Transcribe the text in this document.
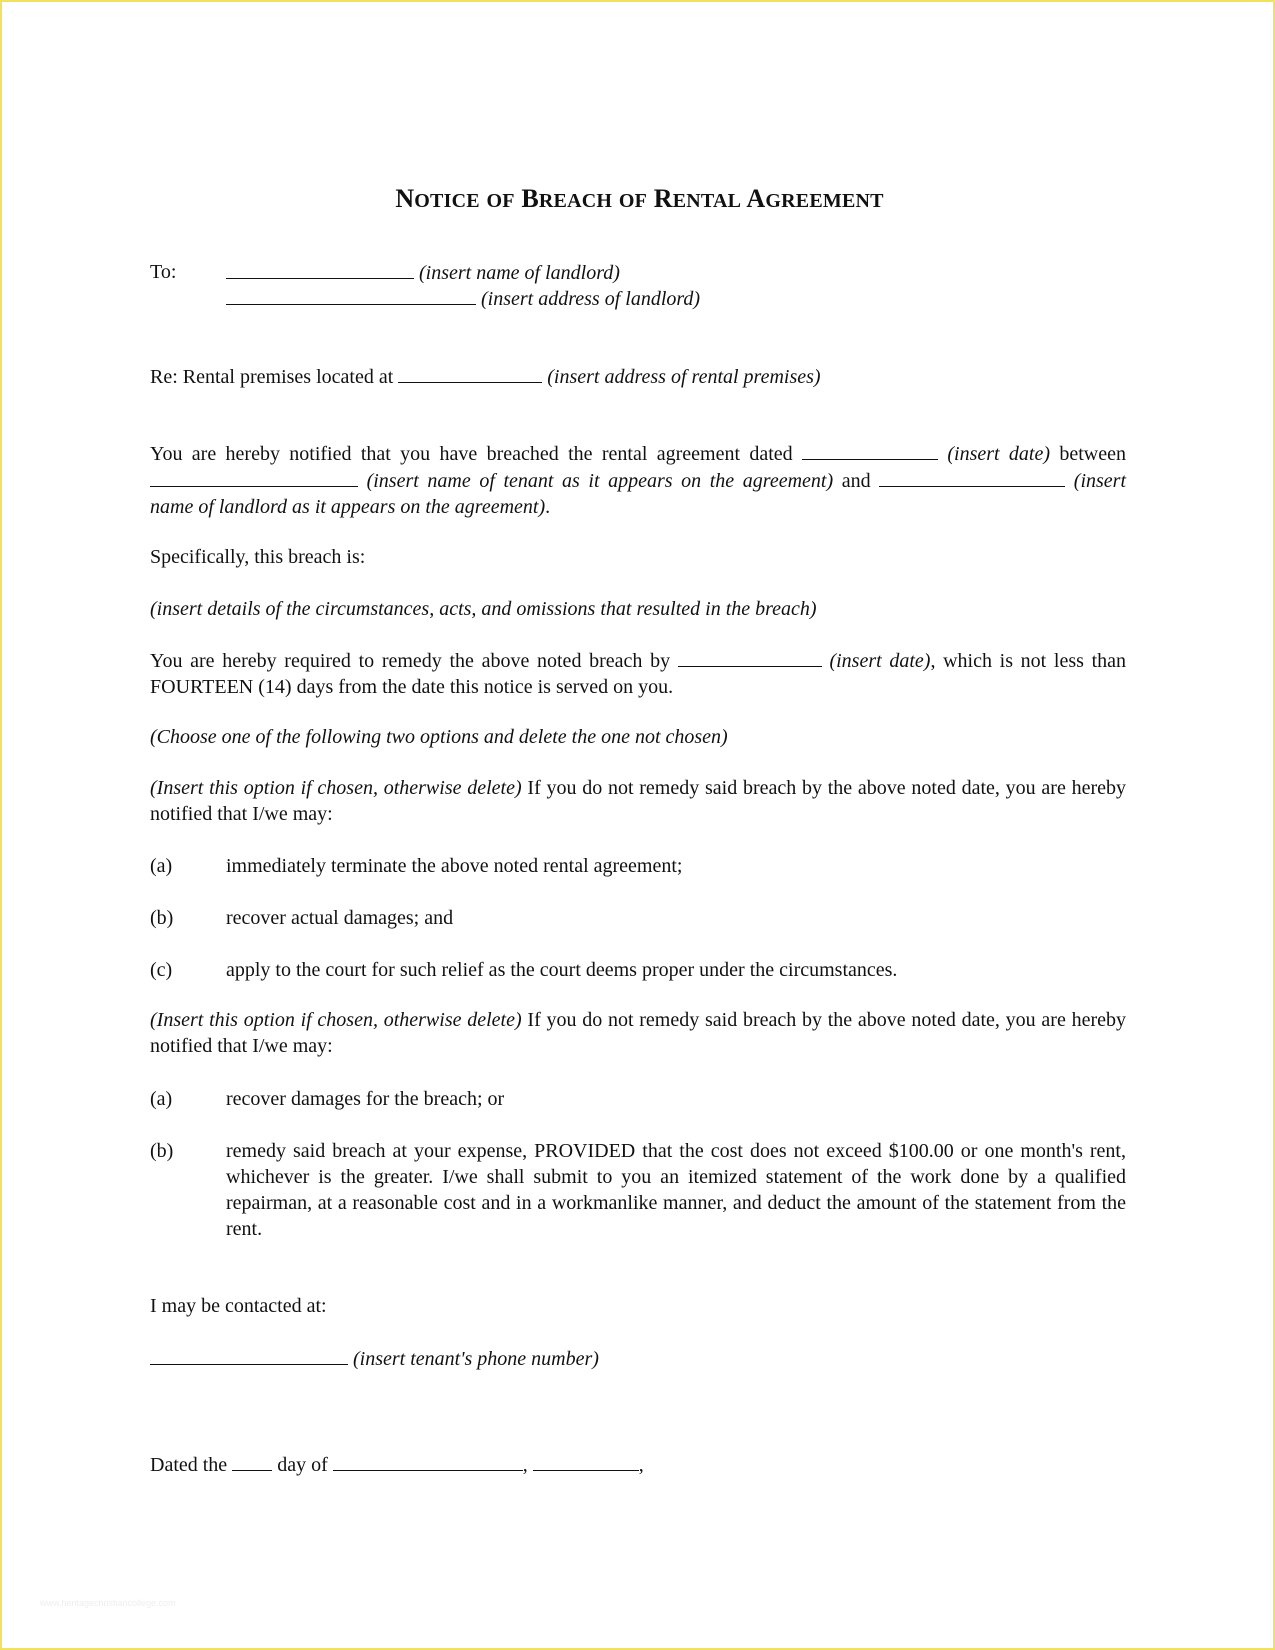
NOTICE OF BREACH OF RENTAL AGREEMENT
To:	(insert name of landlord)
(insert address of landlord)

Re: Rental premises located at	(insert address of rental premises)

You are hereby notified that you have breached the rental agreement dated	(insert date) between  (insert name of tenant as it appears on the agreement) and	(insert name of landlord as it appears on the agreement).

Specifically, this breach is:

(insert details of the circumstances, acts, and omissions that resulted in the breach)

You are hereby required to remedy the above noted breach by	(insert date), which is not less than FOURTEEN (14) days from the date this notice is served on you.

(Choose one of the following two options and delete the one not chosen)

(Insert this option if chosen, otherwise delete) If you do not remedy said breach by the above noted date, you are hereby notified that I/we may:

(a)	immediately terminate the above noted rental agreement;
(b)	recover actual damages; and
(c)	apply to the court for such relief as the court deems proper under the circumstances.

(Insert this option if chosen, otherwise delete) If you do not remedy said breach by the above noted date, you are hereby notified that I/we may:

(a)	recover damages for the breach; or
(b)	remedy said breach at your expense, PROVIDED that the cost does not exceed $100.00 or one month's rent, whichever is the greater. I/we shall submit to you an itemized statement of the work done by a qualified repairman, at a reasonable cost and in a workmanlike manner, and deduct the amount of the statement from the rent.

I may be contacted at:

(insert tenant's phone number)

Dated the	day of	,	,

www.heritagechristiancollege.com
